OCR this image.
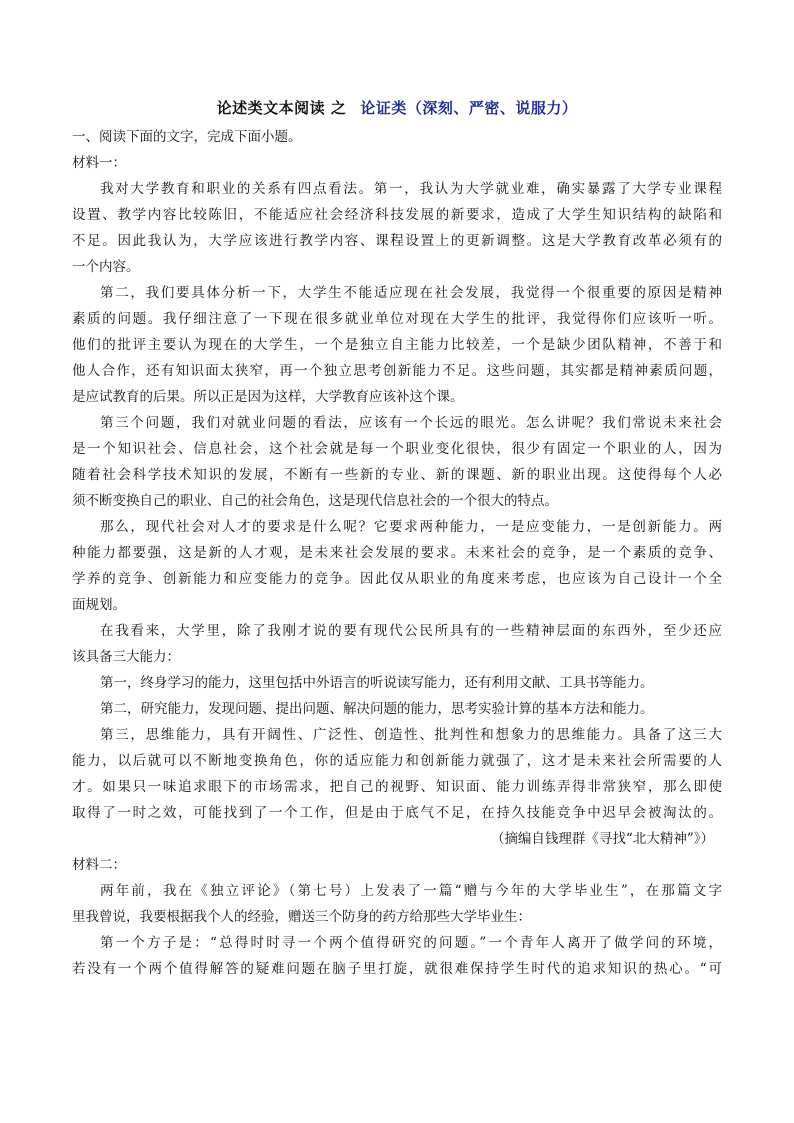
论述类文本阅读 之 论证类（深刻、严密、说服力）
一、阅读下面的文字，完成下面小题。
材料一：
我对大学教育和职业的关系有四点看法。第一，我认为大学就业难，确实暴露了大学专业课程
设置、教学内容比较陈旧，不能适应社会经济科技发展的新要求，造成了大学生知识结构的缺陷和
不足。因此我认为，大学应该进行教学内容、课程设置上的更新调整。这是大学教育改革必须有的
一个内容。
第二，我们要具体分析一下，大学生不能适应现在社会发展，我觉得一个很重要的原因是精神
素质的问题。我仔细注意了一下现在很多就业单位对现在大学生的批评，我觉得你们应该听一听。
他们的批评主要认为现在的大学生，一个是独立自主能力比较差，一个是缺少团队精神，不善于和
他人合作，还有知识面太狭窄，再一个独立思考创新能力不足。这些问题，其实都是精神素质问题，
是应试教育的后果。所以正是因为这样，大学教育应该补这个课。
第三个问题，我们对就业问题的看法，应该有一个长远的眼光。怎么讲呢？我们常说未来社会
是一个知识社会、信息社会，这个社会就是每一个职业变化很快，很少有固定一个职业的人，因为
随着社会科学技术知识的发展，不断有一些新的专业、新的课题、新的职业出现。这使得每个人必
须不断变换自己的职业、自己的社会角色，这是现代信息社会的一个很大的特点。
那么，现代社会对人才的要求是什么呢？它要求两种能力，一是应变能力，一是创新能力。两
种能力都要强，这是新的人才观，是未来社会发展的要求。未来社会的竞争，是一个素质的竞争、
学养的竞争、创新能力和应变能力的竞争。因此仅从职业的角度来考虑，也应该为自己设计一个全
面规划。
在我看来，大学里，除了我刚才说的要有现代公民所具有的一些精神层面的东西外，至少还应
该具备三大能力：
第一，终身学习的能力，这里包括中外语言的听说读写能力，还有利用文献、工具书等能力。
第二，研究能力，发现问题、提出问题、解决问题的能力，思考实验计算的基本方法和能力。
第三，思维能力，具有开阔性、广泛性、创造性、批判性和想象力的思维能力。具备了这三大
能力，以后就可以不断地变换角色，你的适应能力和创新能力就强了，这才是未来社会所需要的人
才。如果只一味追求眼下的市场需求，把自己的视野、知识面、能力训练弄得非常狭窄，那么即使
取得了一时之效，可能找到了一个工作，但是由于底气不足，在持久技能竞争中迟早会被淘汰的。
（摘编自钱理群《寻找“北大精神”》）
材料二：
两年前，我在《独立评论》（第七号）上发表了一篇“赠与今年的大学毕业生”，在那篇文字
里我曾说，我要根据我个人的经验，赠送三个防身的药方给那些大学毕业生：
第一个方子是：“总得时时寻一个两个值得研究的问题。”一个青年人离开了做学问的环境，
若没有一个两个值得解答的疑难问题在脑子里打旋，就很难保持学生时代的追求知识的热心。“可
